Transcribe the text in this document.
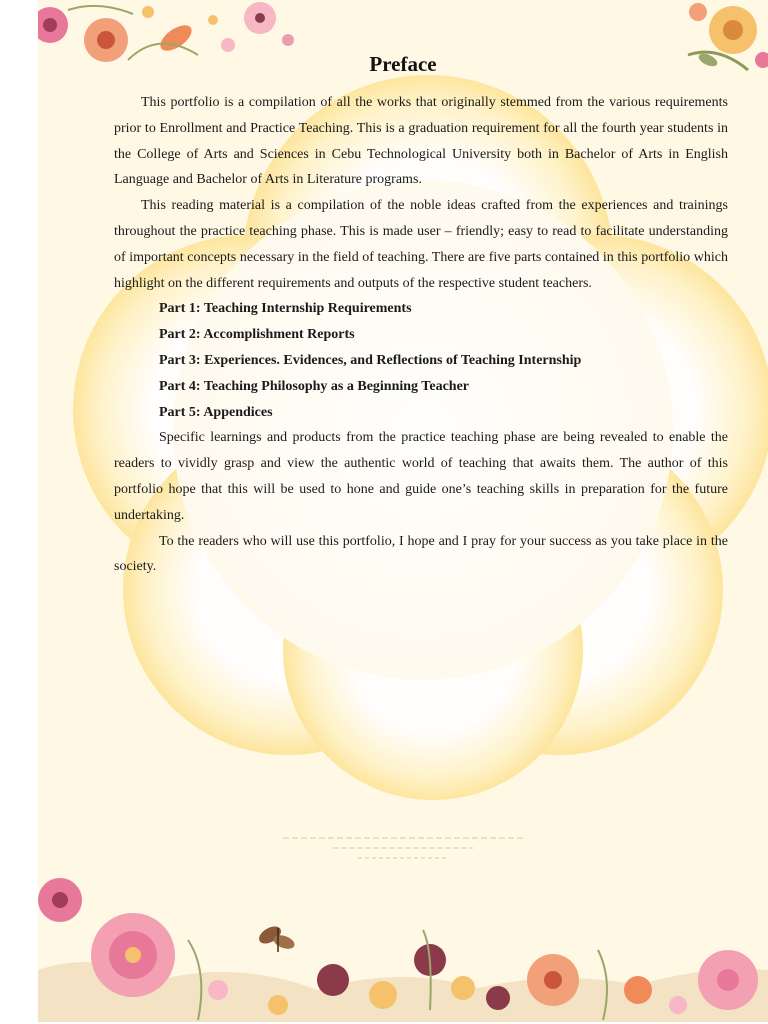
Preface

This portfolio is a compilation of all the works that originally stemmed from the various requirements prior to Enrollment and Practice Teaching. This is a graduation requirement for all the fourth year students in the College of Arts and Sciences in Cebu Technological University both in Bachelor of Arts in English Language and Bachelor of Arts in Literature programs.

This reading material is a compilation of the noble ideas crafted from the experiences and trainings throughout the practice teaching phase. This is made user – friendly; easy to read to facilitate understanding of important concepts necessary in the field of teaching. There are five parts contained in this portfolio which highlight on the different requirements and outputs of the respective student teachers.

Part 1: Teaching Internship Requirements
Part 2: Accomplishment Reports
Part 3: Experiences. Evidences, and Reflections of Teaching Internship
Part 4: Teaching Philosophy as a Beginning Teacher
Part 5: Appendices

Specific learnings and products from the practice teaching phase are being revealed to enable the readers to vividly grasp and view the authentic world of teaching that awaits them. The author of this portfolio hope that this will be used to hone and guide one’s teaching skills in preparation for the future undertaking.

To the readers who will use this portfolio, I hope and I pray for your success as you take place in the society.
